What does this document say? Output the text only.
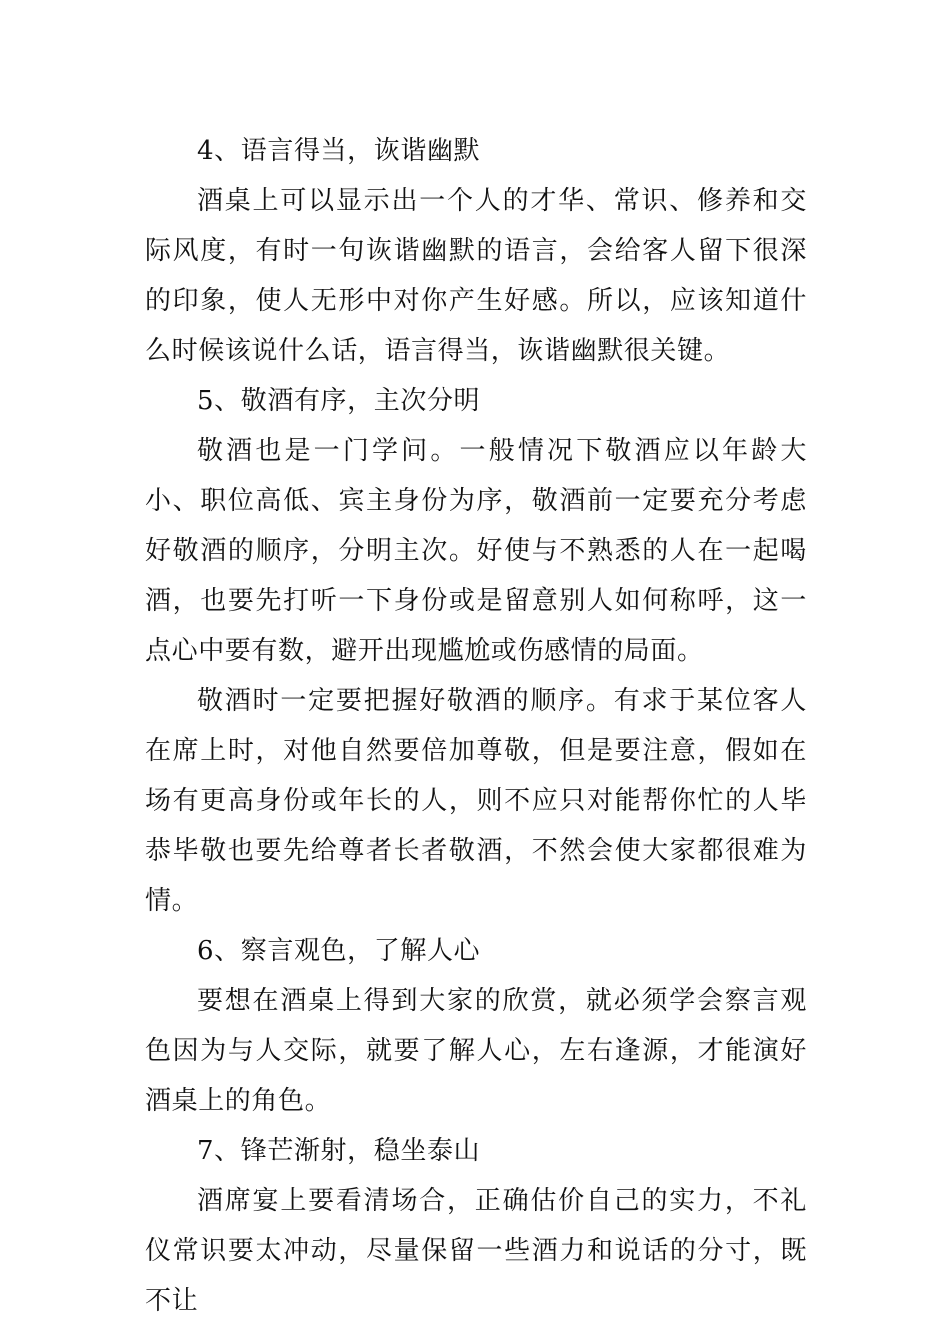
4、语言得当，诙谐幽默

酒桌上可以显示出一个人的才华、常识、修养和交际风度，有时一句诙谐幽默的语言，会给客人留下很深的印象，使人无形中对你产生好感。所以，应该知道什么时候该说什么话，语言得当，诙谐幽默很关键。

5、敬酒有序，主次分明

敬酒也是一门学问。一般情况下敬酒应以年龄大小、职位高低、宾主身份为序，敬酒前一定要充分考虑好敬酒的顺序，分明主次。好使与不熟悉的人在一起喝酒，也要先打听一下身份或是留意别人如何称呼，这一点心中要有数，避开出现尴尬或伤感情的局面。

敬酒时一定要把握好敬酒的顺序。有求于某位客人在席上时，对他自然要倍加尊敬，但是要注意，假如在场有更高身份或年长的人，则不应只对能帮你忙的人毕恭毕敬也要先给尊者长者敬酒，不然会使大家都很难为情。

6、察言观色，了解人心

要想在酒桌上得到大家的欣赏，就必须学会察言观色因为与人交际，就要了解人心，左右逢源，才能演好酒桌上的角色。

7、锋芒渐射，稳坐泰山

酒席宴上要看清场合，正确估价自己的实力，不礼仪常识要太冲动，尽量保留一些酒力和说话的分寸，既不让
